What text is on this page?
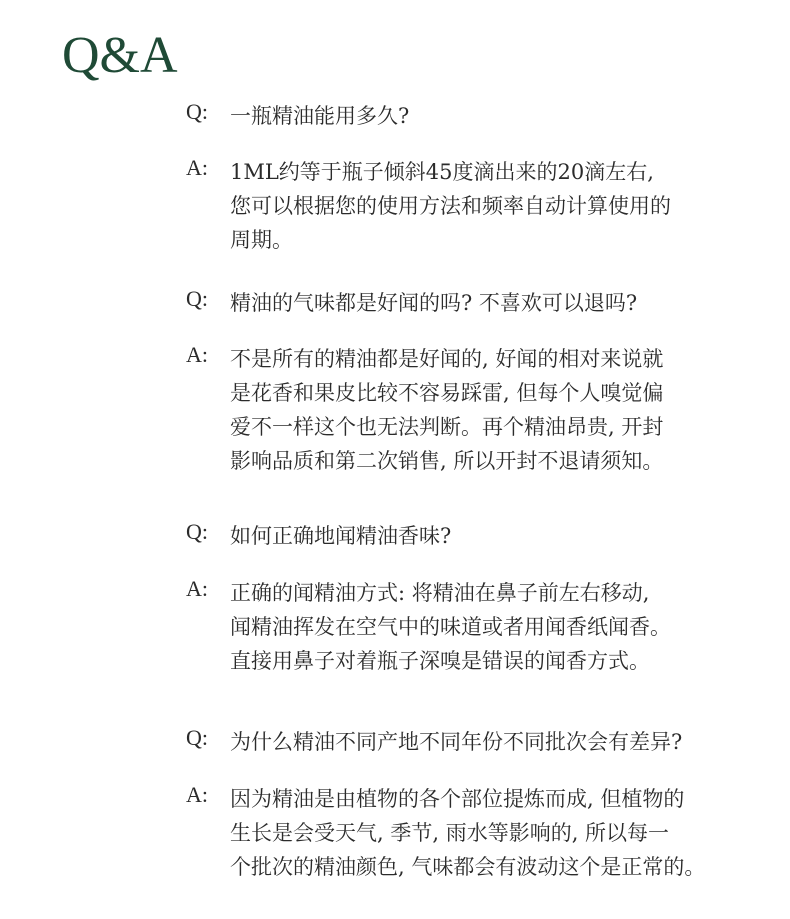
Q&A
Q: 一瓶精油能用多久?
A: 1ML约等于瓶子倾斜45度滴出来的20滴左右,
您可以根据您的使用方法和频率自动计算使用的
周期。
Q: 精油的气味都是好闻的吗? 不喜欢可以退吗?
A: 不是所有的精油都是好闻的, 好闻的相对来说就
是花香和果皮比较不容易踩雷, 但每个人嗅觉偏
爱不一样这个也无法判断。再个精油昂贵, 开封
影响品质和第二次销售, 所以开封不退请须知。
Q: 如何正确地闻精油香味?
A: 正确的闻精油方式: 将精油在鼻子前左右移动,
闻精油挥发在空气中的味道或者用闻香纸闻香。
直接用鼻子对着瓶子深嗅是错误的闻香方式。
Q: 为什么精油不同产地不同年份不同批次会有差异?
A: 因为精油是由植物的各个部位提炼而成, 但植物的
生长是会受天气, 季节, 雨水等影响的, 所以每一
个批次的精油颜色, 气味都会有波动这个是正常的。
